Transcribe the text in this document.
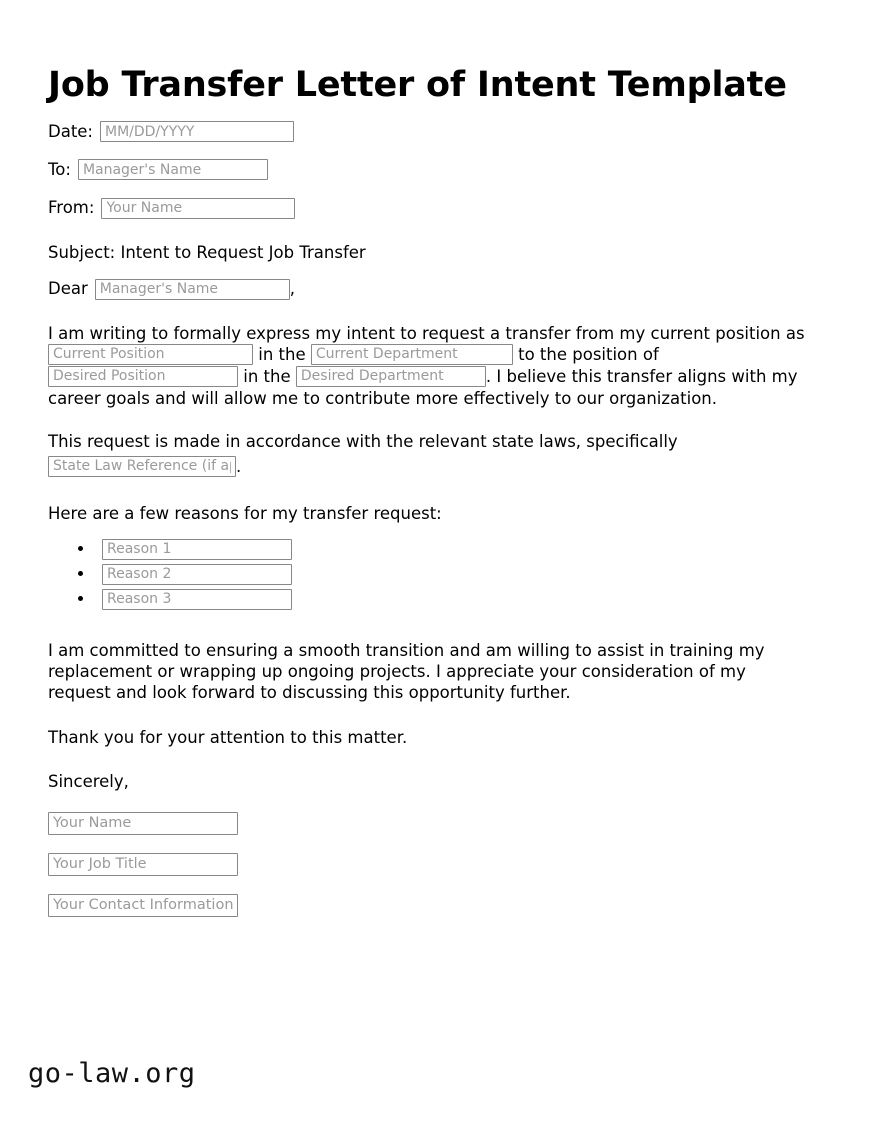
Job Transfer Letter of Intent Template
Date:
MM/DD/YYYY
To:
Manager's Name
From:
Your Name
Subject: Intent to Request Job Transfer
Dear
Manager's Name	,

I am writing to formally express my intent to request a transfer from my current position as Current Position in the Current Department	to the position of Desired Position in the Desired Department	. I believe this transfer aligns with my career goals and will allow me to contribute more effectively to our organization.

This request is made in accordance with the relevant state laws, specifically
State Law Reference (if ap.

Here are a few reasons for my transfer request:
Reason 1
Reason 2
Reason 3

I am committed to ensuring a smooth transition and am willing to assist in training my replacement or wrapping up ongoing projects. I appreciate your consideration of my request and look forward to discussing this opportunity further.

Thank you for your attention to this matter.

Sincerely,

Your Name
Your Job Title
Your Contact Information
go-law.org
